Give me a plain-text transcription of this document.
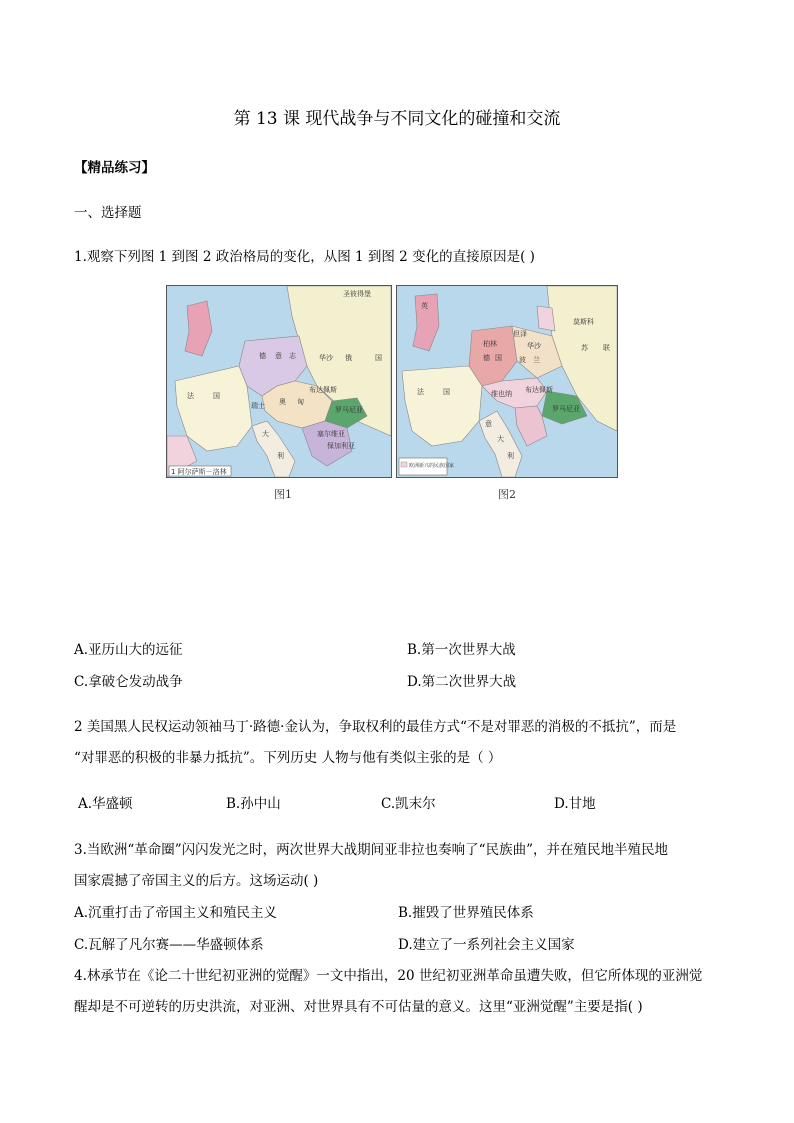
第 13 课 现代战争与不同文化的碰撞和交流
【精品练习】
一、选择题
1.观察下列图 1 到图 2 政治格局的变化，从图 1 到图 2 变化的直接原因是( )
圣彼得堡
华沙 俄	国
法	国
德 意 志
瑞士 奥 匈
布达佩斯
罗马尼亚
塞尔维亚
保加利亚
大
利
1 阿尔萨斯－洛林
图1
莫斯科
苏 联
柏林
德 国
但泽
华沙
波 兰
法	国	维也纳 布达佩斯
罗马尼亚
意
大
利
英
欧洲新兴的民族国家
图2
A.亚历山大的远征	B.第一次世界大战
C.拿破仑发动战争	D.第二次世界大战
2 美国黑人民权运动领袖马丁·路德·金认为，争取权利的最佳方式“不是对罪恶的消极的不抵抗”，而是
“对罪恶的积极的非暴力抵抗”。下列历史 人物与他有类似主张的是（ ）
A.华盛顿	B.孙中山	C.凯末尔	D.甘地
3.当欧洲“革命圈”闪闪发光之时，两次世界大战期间亚非拉也奏响了“民族曲”，并在殖民地半殖民地
国家震撼了帝国主义的后方。这场运动( )
A.沉重打击了帝国主义和殖民主义	B.摧毁了世界殖民体系
C.瓦解了凡尔赛——华盛顿体系	D.建立了一系列社会主义国家
4.林承节在《论二十世纪初亚洲的觉醒》一文中指出，20 世纪初亚洲革命虽遭失败，但它所体现的亚洲觉
醒却是不可逆转的历史洪流，对亚洲、对世界具有不可估量的意义。这里“亚洲觉醒”主要是指( )
